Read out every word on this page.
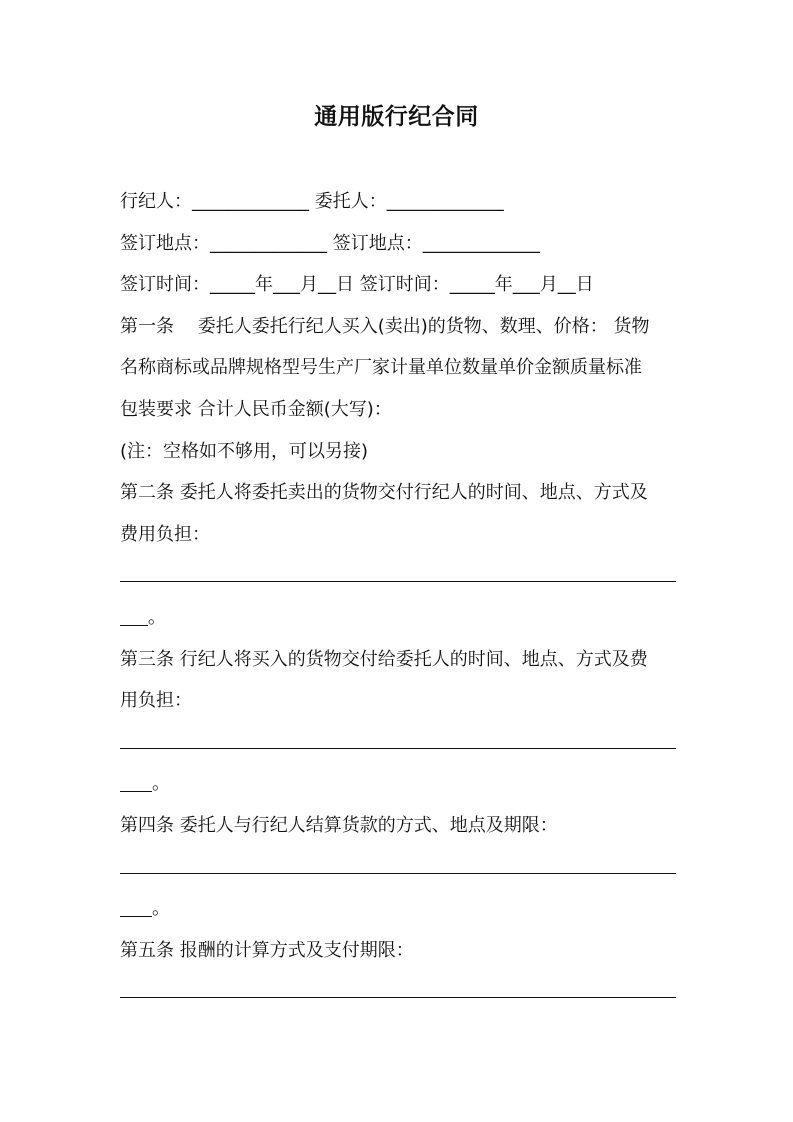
通用版行纪合同
行纪人：_____________ 委托人：_____________
签订地点：_____________ 签订地点：_____________
签订时间：_____年___月__日 签订时间：_____年___月__日
第一条　 委托人委托行纪人买入(卖出)的货物、数理、价格： 货物
名称商标或品牌规格型号生产厂家计量单位数量单价金额质量标准
包装要求 合计人民币金额(大写)：
(注：空格如不够用，可以另接)
第二条 委托人将委托卖出的货物交付行纪人的时间、地点、方式及
费用负担：
。
第三条 行纪人将买入的货物交付给委托人的时间、地点、方式及费
用负担：
。
第四条 委托人与行纪人结算货款的方式、地点及期限：
。
第五条 报酬的计算方式及支付期限：
